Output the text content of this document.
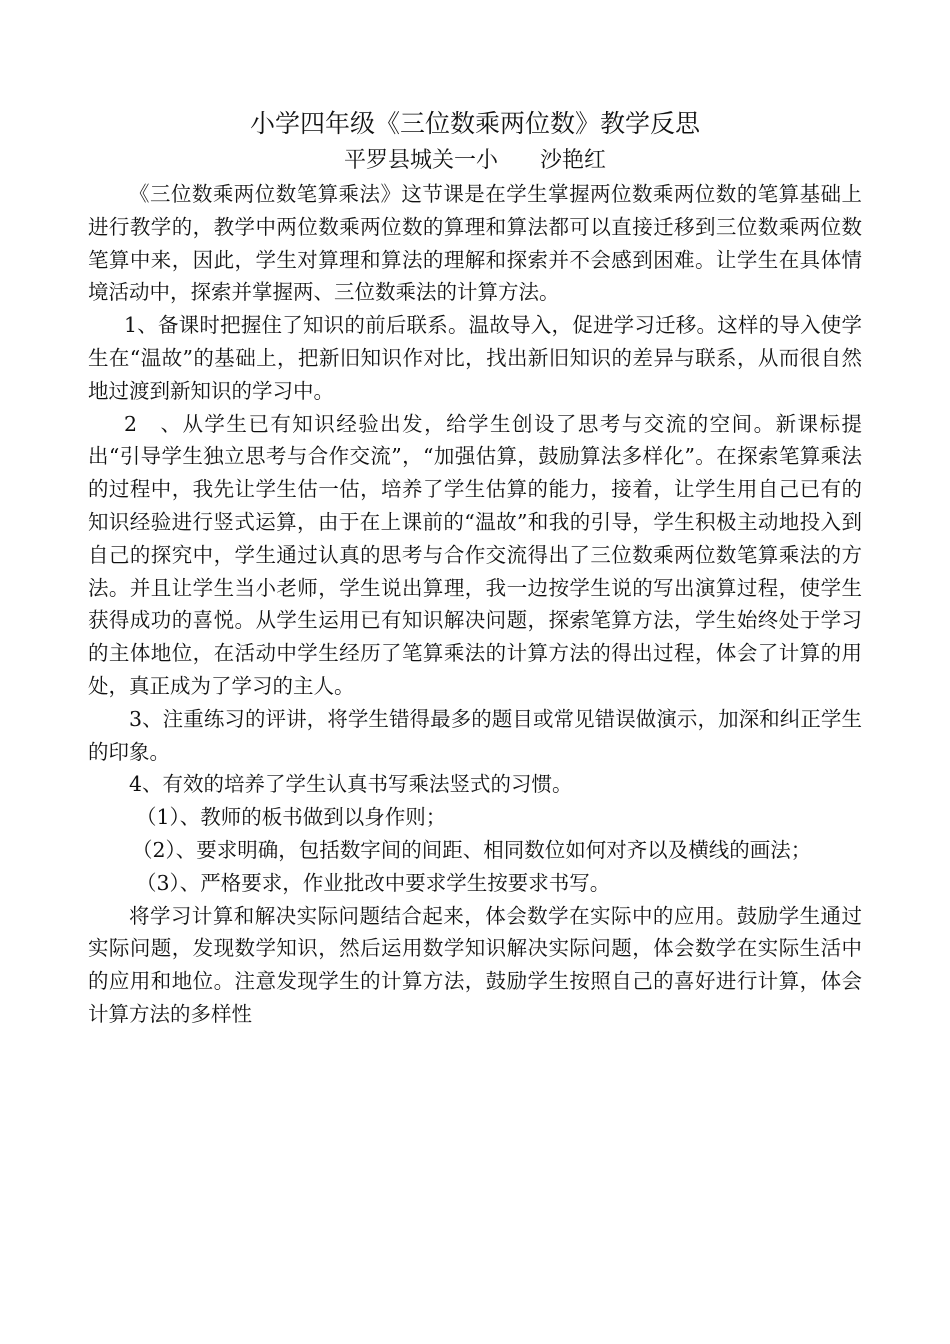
小学四年级《三位数乘两位数》教学反思

平罗县城关一小      沙艳红

《三位数乘两位数笔算乘法》这节课是在学生掌握两位数乘两位数的笔算基础上进行教学的，教学中两位数乘两位数的算理和算法都可以直接迁移到三位数乘两位数笔算中来，因此，学生对算理和算法的理解和探索并不会感到困难。让学生在具体情境活动中，探索并掌握两、三位数乘法的计算方法。

1、备课时把握住了知识的前后联系。温故导入，促进学习迁移。这样的导入使学生在“温故”的基础上，把新旧知识作对比，找出新旧知识的差异与联系，从而很自然地过渡到新知识的学习中。

2　、从学生已有知识经验出发，给学生创设了思考与交流的空间。新课标提出“引导学生独立思考与合作交流”，“加强估算，鼓励算法多样化”。在探索笔算乘法的过程中，我先让学生估一估，培养了学生估算的能力，接着，让学生用自己已有的知识经验进行竖式运算，由于在上课前的“温故”和我的引导，学生积极主动地投入到自己的探究中，学生通过认真的思考与合作交流得出了三位数乘两位数笔算乘法的方法。并且让学生当小老师，学生说出算理，我一边按学生说的写出演算过程，使学生获得成功的喜悦。从学生运用已有知识解决问题，探索笔算方法，学生始终处于学习的主体地位，在活动中学生经历了笔算乘法的计算方法的得出过程，体会了计算的用处，真正成为了学习的主人。

3、注重练习的评讲，将学生错得最多的题目或常见错误做演示，加深和纠正学生的印象。

4、有效的培养了学生认真书写乘法竖式的习惯。

（1）、教师的板书做到以身作则；

（2）、要求明确，包括数字间的间距、相同数位如何对齐以及横线的画法；

（3）、严格要求，作业批改中要求学生按要求书写。

将学习计算和解决实际问题结合起来，体会数学在实际中的应用。鼓励学生通过实际问题，发现数学知识，然后运用数学知识解决实际问题，体会数学在实际生活中的应用和地位。注意发现学生的计算方法，鼓励学生按照自己的喜好进行计算，体会计算方法的多样性
